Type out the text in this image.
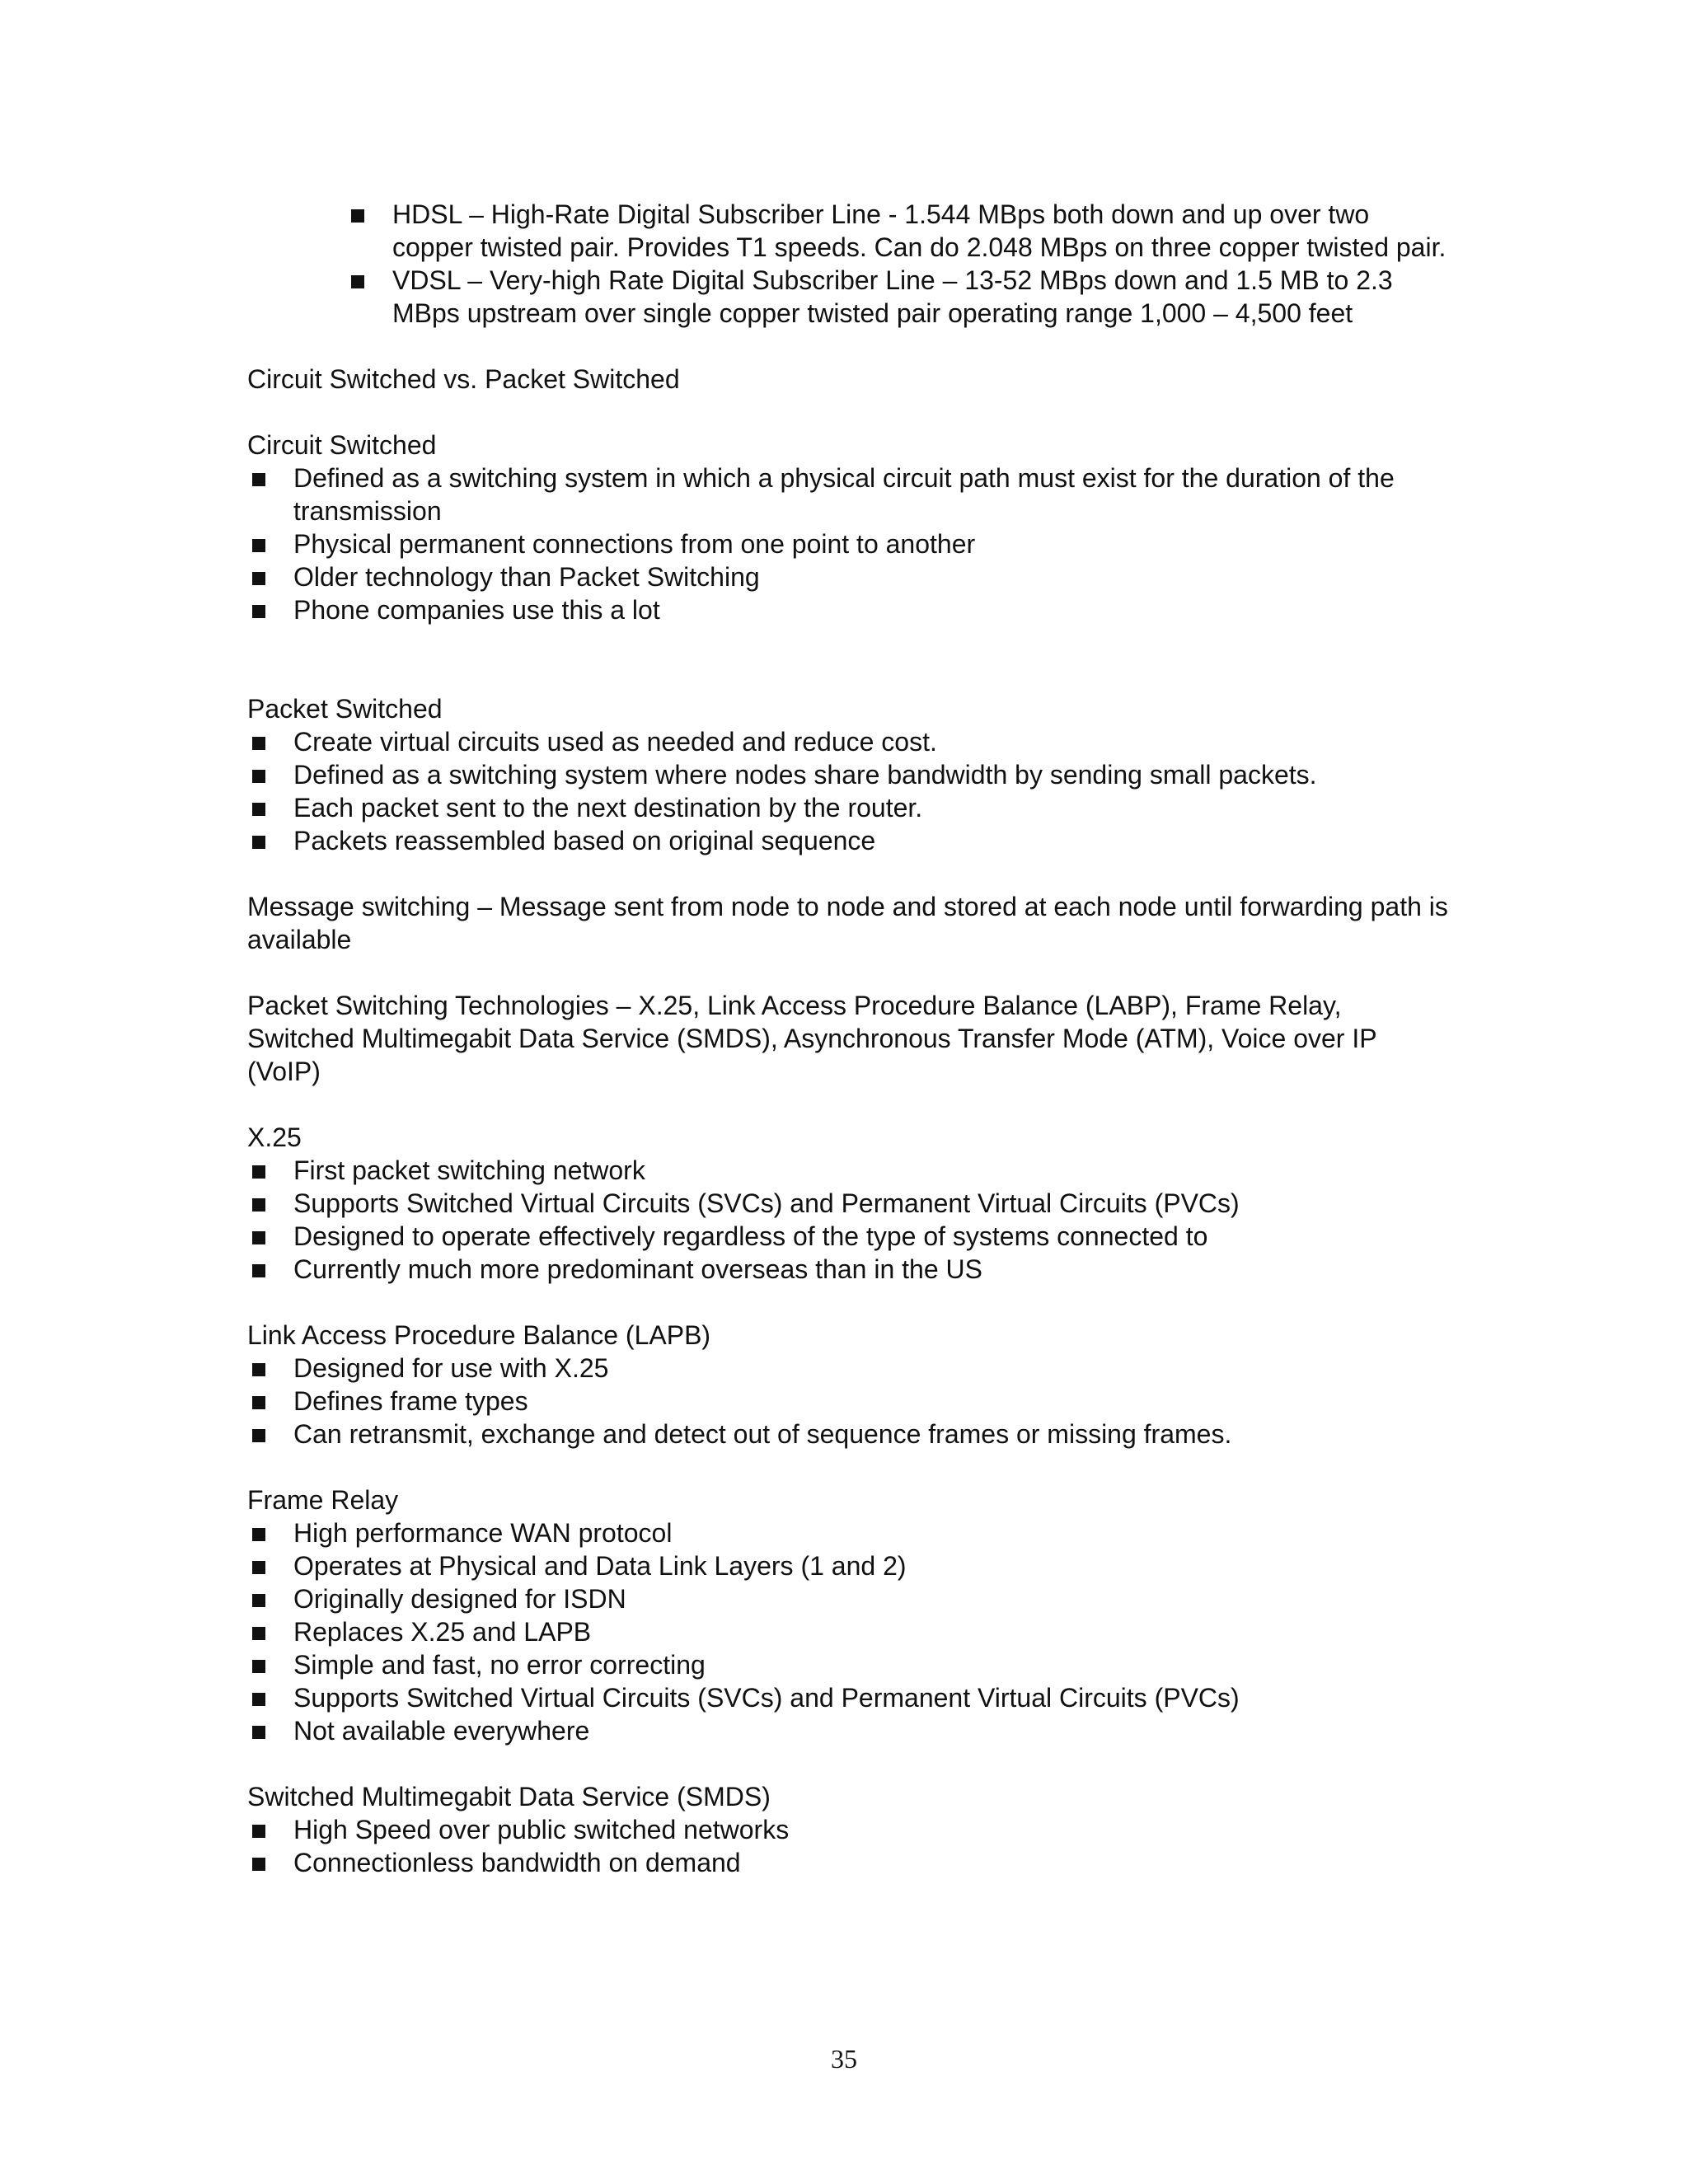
HDSL – High-Rate Digital Subscriber Line - 1.544 MBps both down and up over two copper twisted pair. Provides T1 speeds. Can do 2.048 MBps on three copper twisted pair.
VDSL – Very-high Rate Digital Subscriber Line – 13-52 MBps down and 1.5 MB to 2.3 MBps upstream over single copper twisted pair operating range 1,000 – 4,500 feet

Circuit Switched vs. Packet Switched

Circuit Switched

Defined as a switching system in which a physical circuit path must exist for the duration of the transmission
Physical permanent connections from one point to another
Older technology than Packet Switching
Phone companies use this a lot

Packet Switched

Create virtual circuits used as needed and reduce cost.
Defined as a switching system where nodes share bandwidth by sending small packets.
Each packet sent to the next destination by the router.
Packets reassembled based on original sequence

Message switching – Message sent from node to node and stored at each node until forwarding path is available

Packet Switching Technologies – X.25, Link Access Procedure Balance (LABP), Frame Relay, Switched Multimegabit Data Service (SMDS), Asynchronous Transfer Mode (ATM), Voice over IP (VoIP)

X.25

First packet switching network
Supports Switched Virtual Circuits (SVCs) and Permanent Virtual Circuits (PVCs)
Designed to operate effectively regardless of the type of systems connected to
Currently much more predominant overseas than in the US

Link Access Procedure Balance (LAPB)

Designed for use with X.25
Defines frame types
Can retransmit, exchange and detect out of sequence frames or missing frames.

Frame Relay

High performance WAN protocol
Operates at Physical and Data Link Layers (1 and 2)
Originally designed for ISDN
Replaces X.25 and LAPB
Simple and fast, no error correcting
Supports Switched Virtual Circuits (SVCs) and Permanent Virtual Circuits (PVCs)
Not available everywhere

Switched Multimegabit Data Service (SMDS)

High Speed over public switched networks
Connectionless bandwidth on demand
35
